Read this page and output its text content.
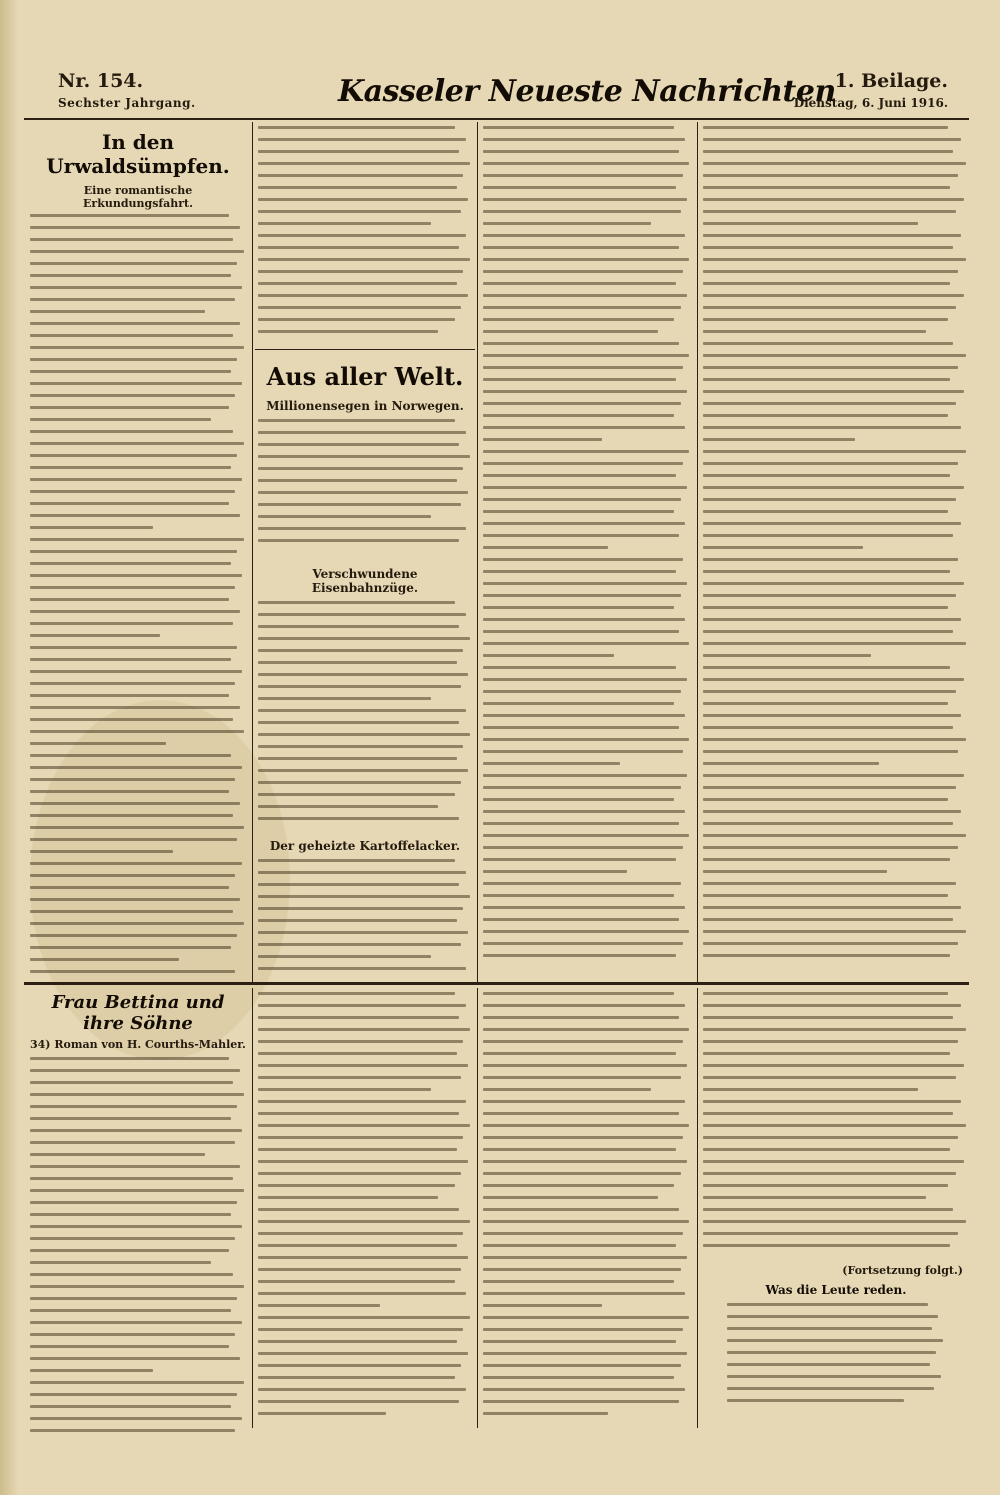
Nr. 154.
Sechster Jahrgang.	Kasseler Neueste Nachrichten
1. Beilage.
Dienstag, 6. Juni 1916.
In den Urwaldsümpfen.
Eine romantische Erkundungsfahrt.
Aus aller Welt.
Millionensegen in Norwegen.
Verschwundene Eisenbahnzüge.
Der geheizte Kartoffelacker.
Frau Bettina und ihre Söhne
34) Roman von H. Courths-Mahler.
(Fortsetzung folgt.)
Was die Leute reden.
